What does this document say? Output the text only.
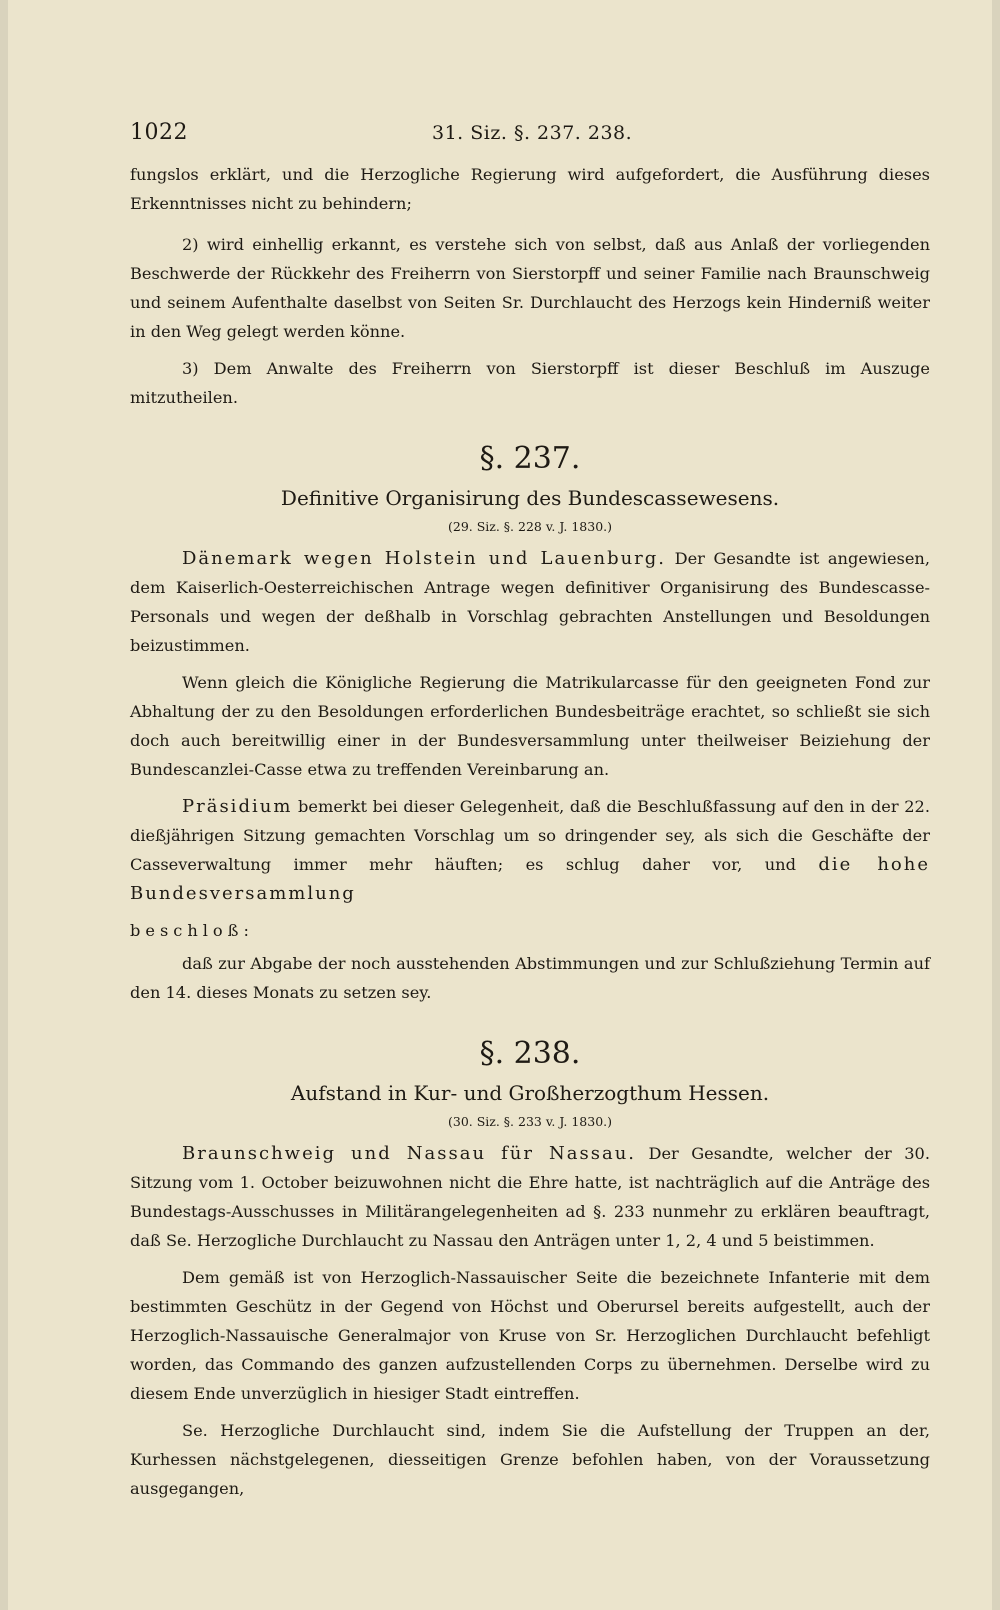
1022	31. Siz. §. 237. 238.

fungslos erklärt, und die Herzogliche Regierung wird aufgefordert, die Ausführung dieses Erkenntnisses nicht zu behindern;

2) wird einhellig erkannt, es verstehe sich von selbst, daß aus Anlaß der vorliegenden Beschwerde der Rückkehr des Freiherrn von Sierstorpff und seiner Familie nach Braunschweig und seinem Aufenthalte daselbst von Seiten Sr. Durchlaucht des Herzogs kein Hinderniß weiter in den Weg gelegt werden könne.

3) Dem Anwalte des Freiherrn von Sierstorpff ist dieser Beschluß im Auszuge mitzutheilen.

§. 237.
Definitive Organisirung des Bundescassewesens.
(29. Siz. §. 228 v. J. 1830.)

Dänemark wegen Holstein und Lauenburg. Der Gesandte ist angewiesen, dem Kaiserlich-Oesterreichischen Antrage wegen definitiver Organisirung des Bundescasse-Personals und wegen der deßhalb in Vorschlag gebrachten Anstellungen und Besoldungen beizustimmen.

Wenn gleich die Königliche Regierung die Matrikularcasse für den geeigneten Fond zur Abhaltung der zu den Besoldungen erforderlichen Bundesbeiträge erachtet, so schließt sie sich doch auch bereitwillig einer in der Bundesversammlung unter theilweiser Beiziehung der Bundescanzlei-Casse etwa zu treffenden Vereinbarung an.

Präsidium bemerkt bei dieser Gelegenheit, daß die Beschlußfassung auf den in der 22. dießjährigen Sitzung gemachten Vorschlag um so dringender sey, als sich die Geschäfte der Casseverwaltung immer mehr häuften; es schlug daher vor, und die hohe Bundesversammlung

beschloß:

daß zur Abgabe der noch ausstehenden Abstimmungen und zur Schlußziehung Termin auf den 14. dieses Monats zu setzen sey.

§. 238.
Aufstand in Kur- und Großherzogthum Hessen.
(30. Siz. §. 233 v. J. 1830.)

Braunschweig und Nassau für Nassau. Der Gesandte, welcher der 30. Sitzung vom 1. October beizuwohnen nicht die Ehre hatte, ist nachträglich auf die Anträge des Bundestags-Ausschusses in Militärangelegenheiten ad §. 233 nunmehr zu erklären beauftragt, daß Se. Herzogliche Durchlaucht zu Nassau den Anträgen unter 1, 2, 4 und 5 beistimmen.

Dem gemäß ist von Herzoglich-Nassauischer Seite die bezeichnete Infanterie mit dem bestimmten Geschütz in der Gegend von Höchst und Oberursel bereits aufgestellt, auch der Herzoglich-Nassauische Generalmajor von Kruse von Sr. Herzoglichen Durchlaucht befehligt worden, das Commando des ganzen aufzustellenden Corps zu übernehmen. Derselbe wird zu diesem Ende unverzüglich in hiesiger Stadt eintreffen.

Se. Herzogliche Durchlaucht sind, indem Sie die Aufstellung der Truppen an der, Kurhessen nächstgelegenen, diesseitigen Grenze befohlen haben, von der Voraussetzung ausgegangen,
